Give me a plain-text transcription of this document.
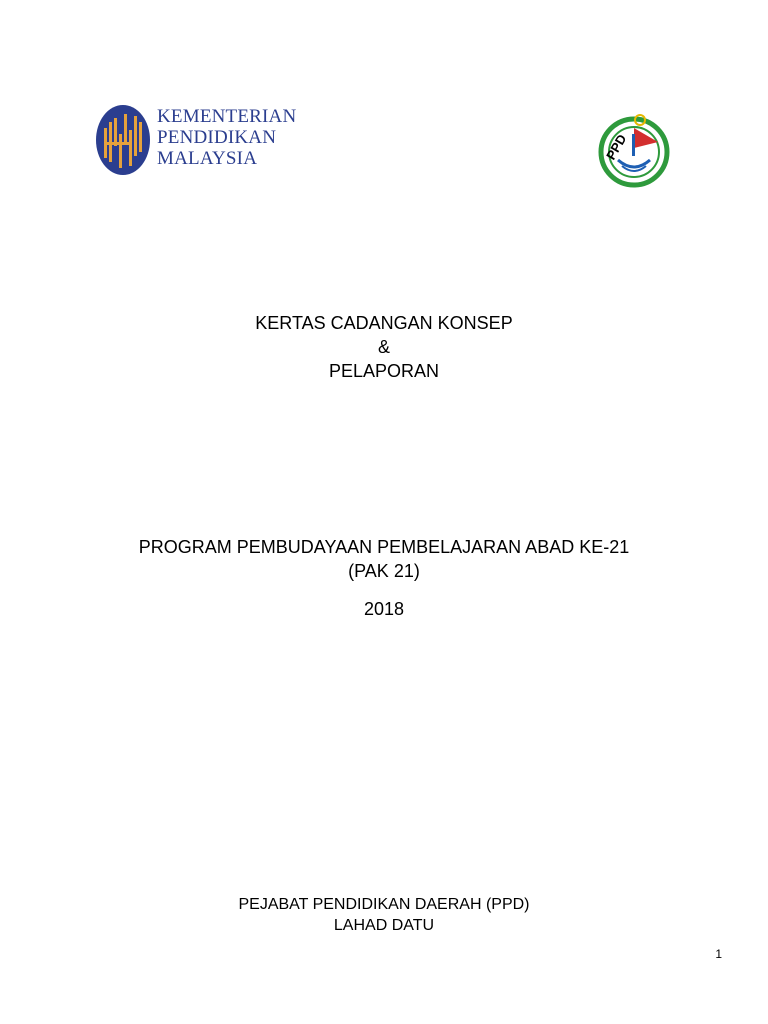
KEMENTERIAN
PENDIDIKAN
MALAYSIA	PPD
KERTAS CADANGAN KONSEP
&
PELAPORAN
PROGRAM PEMBUDAYAAN PEMBELAJARAN ABAD KE-21
(PAK 21)
2018

PEJABAT PENDIDIKAN DAERAH (PPD)

LAHAD DATU

1
